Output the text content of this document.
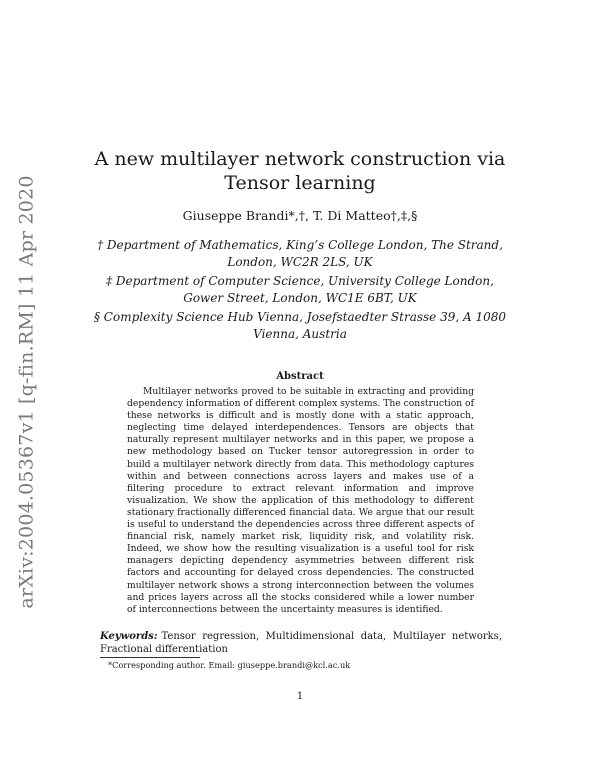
arXiv:2004.05367v1 [q-fin.RM] 11 Apr 2020
A new multilayer network construction via
Tensor learning
Giuseppe Brandi*,†, T. Di Matteo†,‡,§
† Department of Mathematics, King’s College London, The Strand, London, WC2R 2LS, UK
‡ Department of Computer Science, University College London, Gower Street, London, WC1E 6BT, UK
§ Complexity Science Hub Vienna, Josefstaedter Strasse 39, A 1080 Vienna, Austria
Abstract
Multilayer networks proved to be suitable in extracting and providing dependency information of different complex systems. The construction of these networks is difficult and is mostly done with a static approach, neglecting time delayed interdependences. Tensors are objects that naturally represent multilayer networks and in this paper, we propose a new methodology based on Tucker tensor autoregression in order to build a multilayer network directly from data. This methodology captures within and between connections across layers and makes use of a filtering procedure to extract relevant information and improve visualization. We show the application of this methodology to different stationary fractionally differenced financial data. We argue that our result is useful to understand the dependencies across three different aspects of financial risk, namely market risk, liquidity risk, and volatility risk. Indeed, we show how the resulting visualization is a useful tool for risk managers depicting dependency asymmetries between different risk factors and accounting for delayed cross dependencies. The constructed multilayer network shows a strong interconnection between the volumes and prices layers across all the stocks considered while a lower number of interconnections between the uncertainty measures is identified.
Keywords: Tensor regression, Multidimensional data, Multilayer networks, Fractional differentiation
*Corresponding author. Email: giuseppe.brandi@kcl.ac.uk
1
